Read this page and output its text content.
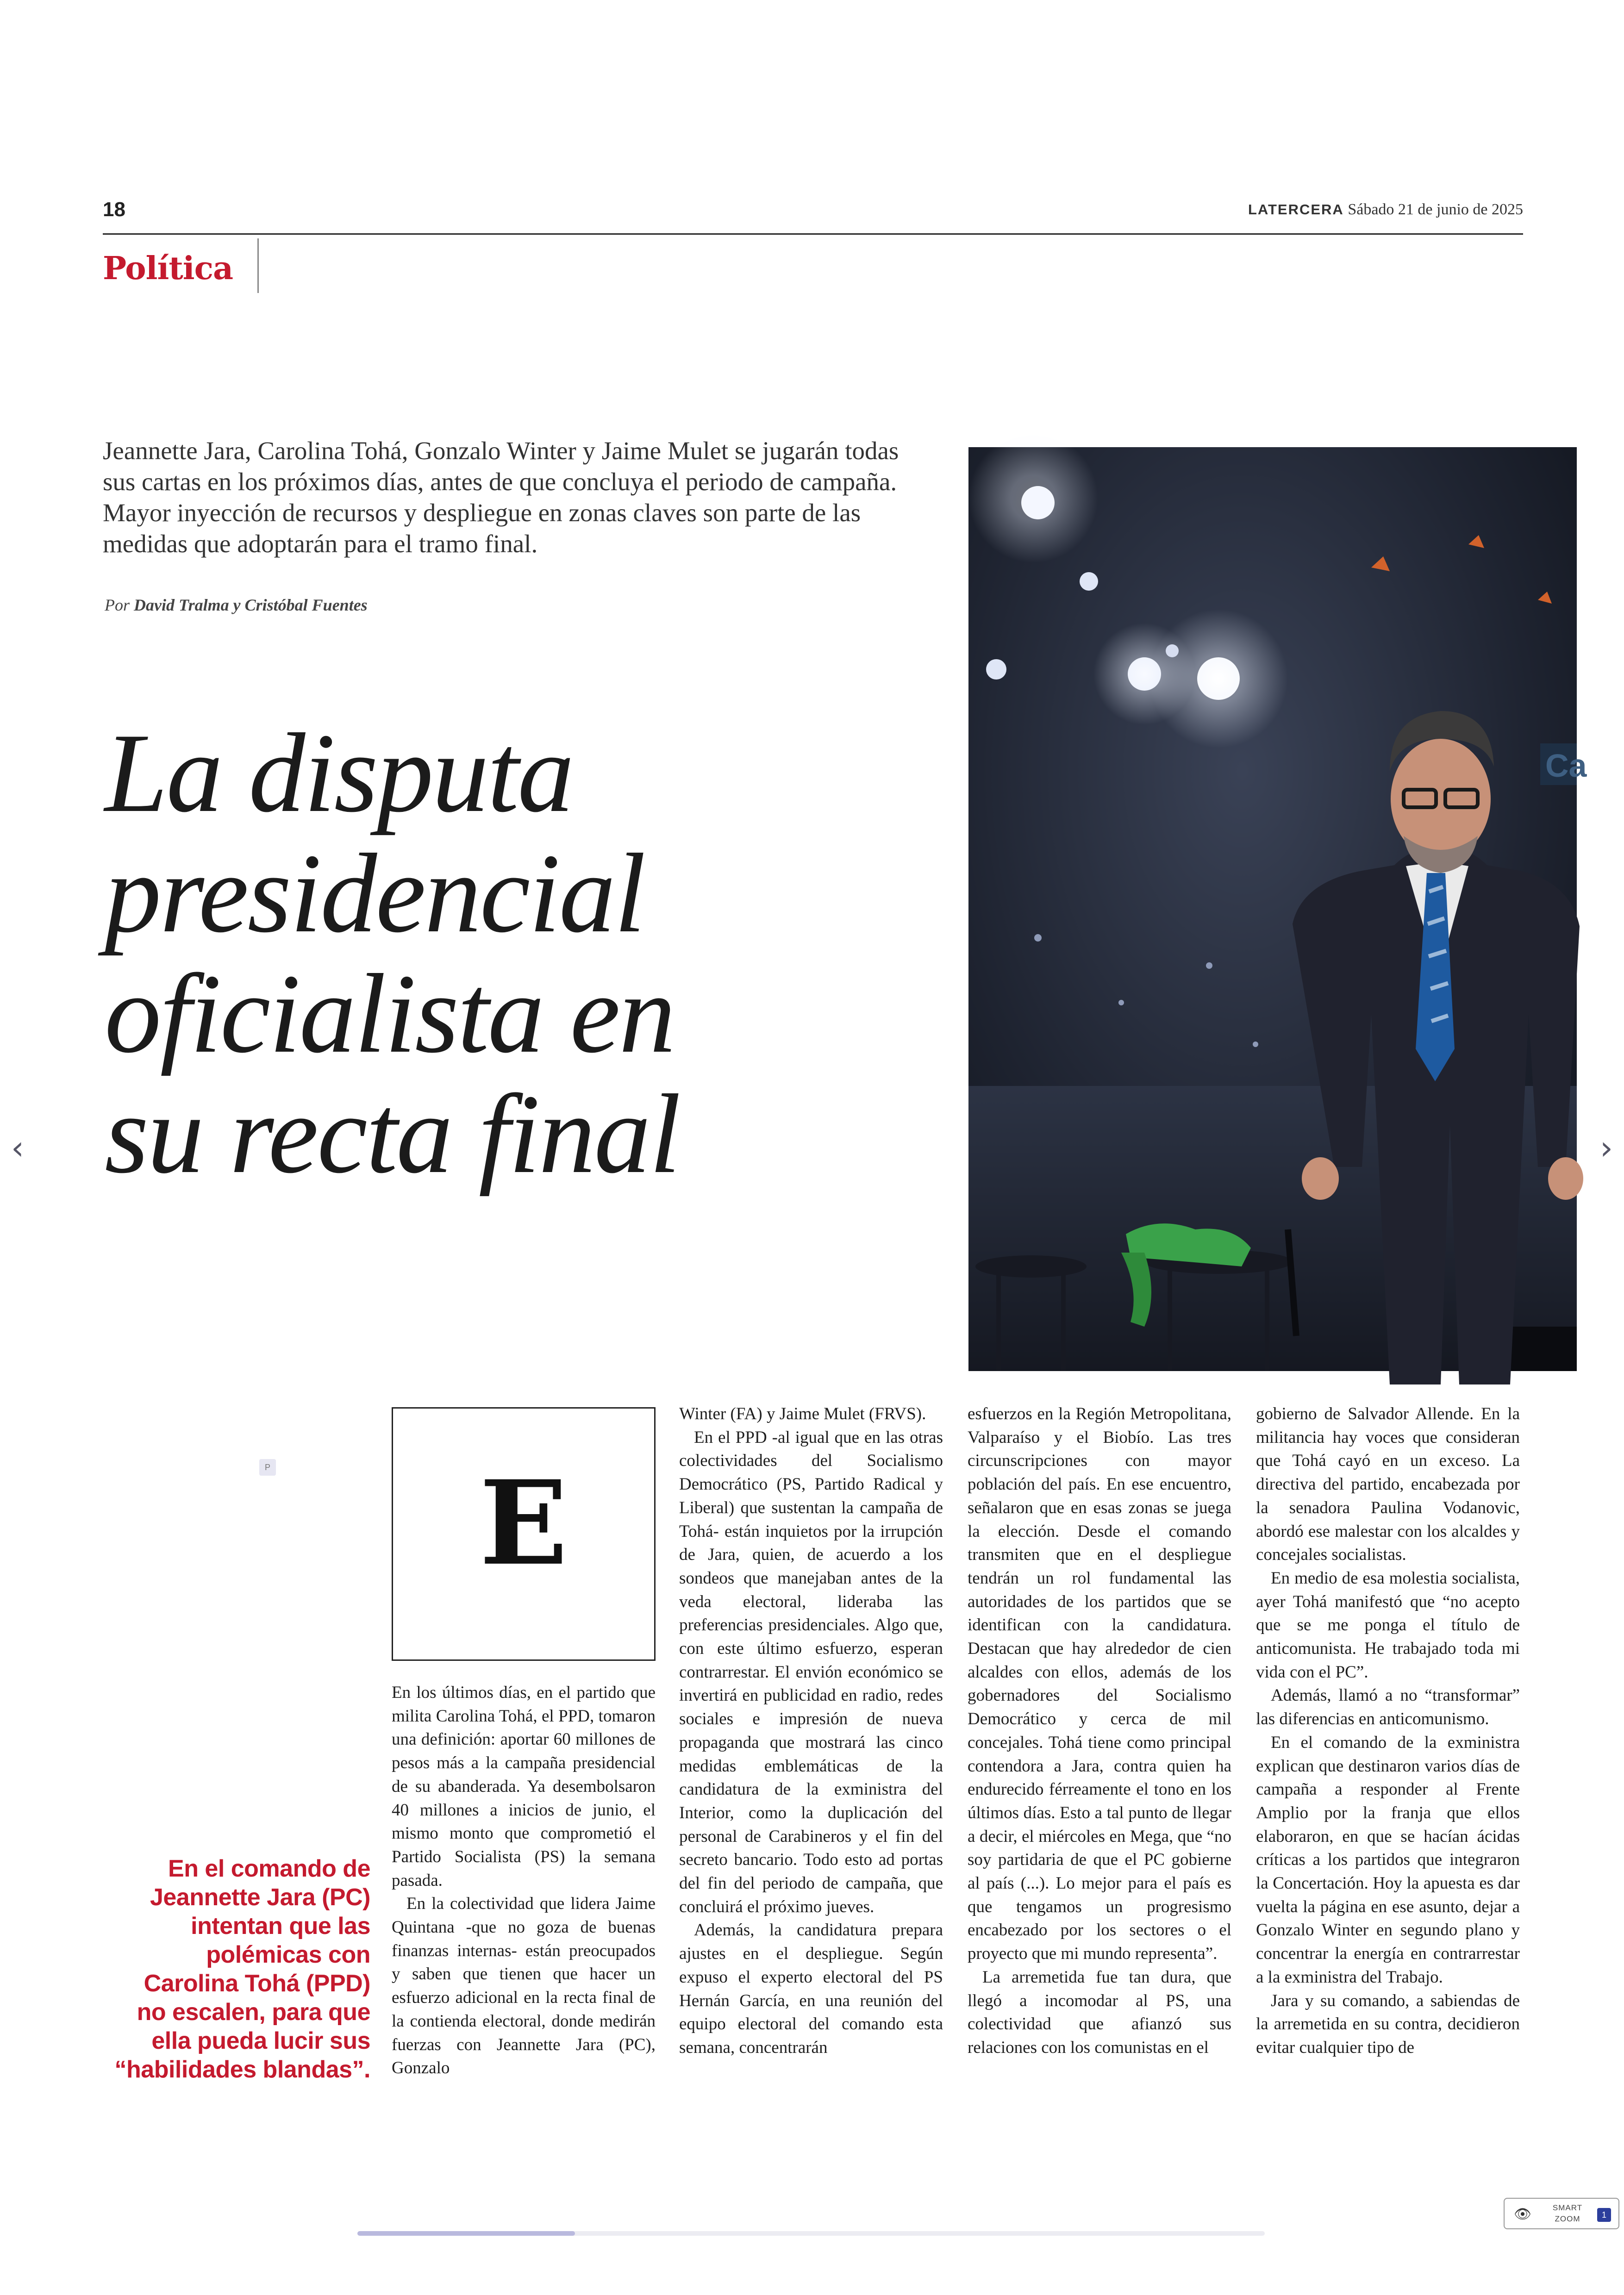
18	LATERCERA Sábado 21 de junio de 2025
Política
Jeannette Jara, Carolina Tohá, Gonzalo Winter y Jaime Mulet se jugarán todas sus cartas en los próximos días, antes de que concluya el periodo de campaña. Mayor inyección de recursos y despliegue en zonas claves son parte de las medidas que adoptarán para el tramo final.
Por David Tralma y Cristóbal Fuentes
La disputa
presidencial
oficialista en
su recta final
Ca
E
P
En el comando de Jeannette Jara (PC) intentan que las polémicas con Carolina Tohá (PPD) no escalen, para que ella pueda lucir sus “habilidades blandas”.

En los últimos días, en el partido que milita Carolina Tohá, el PPD, tomaron una definición: aportar 60 millones de pesos más a la campaña presidencial de su abanderada. Ya desembolsaron 40 millones a inicios de junio, el mismo monto que comprometió el Partido Socialista (PS) la semana pasada.

En la colectividad que lidera Jaime Quintana -que no goza de buenas finanzas internas- están preocupados y saben que tienen que hacer un esfuerzo adicional en la recta final de la contienda electoral, donde medirán fuerzas con Jeannette Jara (PC), Gonzalo

Winter (FA) y Jaime Mulet (FRVS).

En el PPD -al igual que en las otras colectividades del Socialismo Democrático (PS, Partido Radical y Liberal) que sustentan la campaña de Tohá- están inquietos por la irrupción de Jara, quien, de acuerdo a los sondeos que manejaban antes de la veda electoral, lideraba las preferencias presidenciales. Algo que, con este último esfuerzo, esperan contrarrestar. El envión económico se invertirá en publicidad en radio, redes sociales e impresión de nueva propaganda que mostrará las cinco medidas emblemáticas de la candidatura de la exministra del Interior, como la duplicación del personal de Carabineros y el fin del secreto bancario. Todo esto ad portas del fin del periodo de campaña, que concluirá el próximo jueves.

Además, la candidatura prepara ajustes en el despliegue. Según expuso el experto electoral del PS Hernán García, en una reunión del equipo electoral del comando esta semana, concentrarán

esfuerzos en la Región Metropolitana, Valparaíso y el Biobío. Las tres circunscripciones con mayor población del país. En ese encuentro, señalaron que en esas zonas se juega la elección. Desde el comando transmiten que en el despliegue tendrán un rol fundamental las autoridades de los partidos que se identifican con la candidatura. Destacan que hay alrededor de cien alcaldes con ellos, además de los gobernadores del Socialismo Democrático y cerca de mil concejales. Tohá tiene como principal contendora a Jara, contra quien ha endurecido férreamente el tono en los últimos días. Esto a tal punto de llegar a decir, el miércoles en Mega, que “no soy partidaria de que el PC gobierne al país (...). Lo mejor para el país es que tengamos un progresismo encabezado por los sectores o el proyecto que mi mundo representa”.

La arremetida fue tan dura, que llegó a incomodar al PS, una colectividad que afianzó sus relaciones con los comunistas en el

gobierno de Salvador Allende. En la militancia hay voces que consideran que Tohá cayó en un exceso. La directiva del partido, encabezada por la senadora Paulina Vodanovic, abordó ese malestar con los alcaldes y concejales socialistas.

En medio de esa molestia socialista, ayer Tohá manifestó que “no acepto que se me ponga el título de anticomunista. He trabajado toda mi vida con el PC”.

Además, llamó a no “transformar” las diferencias en anticomunismo.

En el comando de la exministra explican que destinaron varios días de campaña a responder al Frente Amplio por la franja que ellos elaboraron, en que se hacían ácidas críticas a los partidos que integraron la Concertación. Hoy la apuesta es dar vuelta la página en ese asunto, dejar a Gonzalo Winter en segundo plano y concentrar la energía en contrarrestar a la exministra del Trabajo.

Jara y su comando, a sabiendas de la arremetida en su contra, decidieron evitar cualquier tipo de

‹	›
👁	SMART
ZOOM	1
